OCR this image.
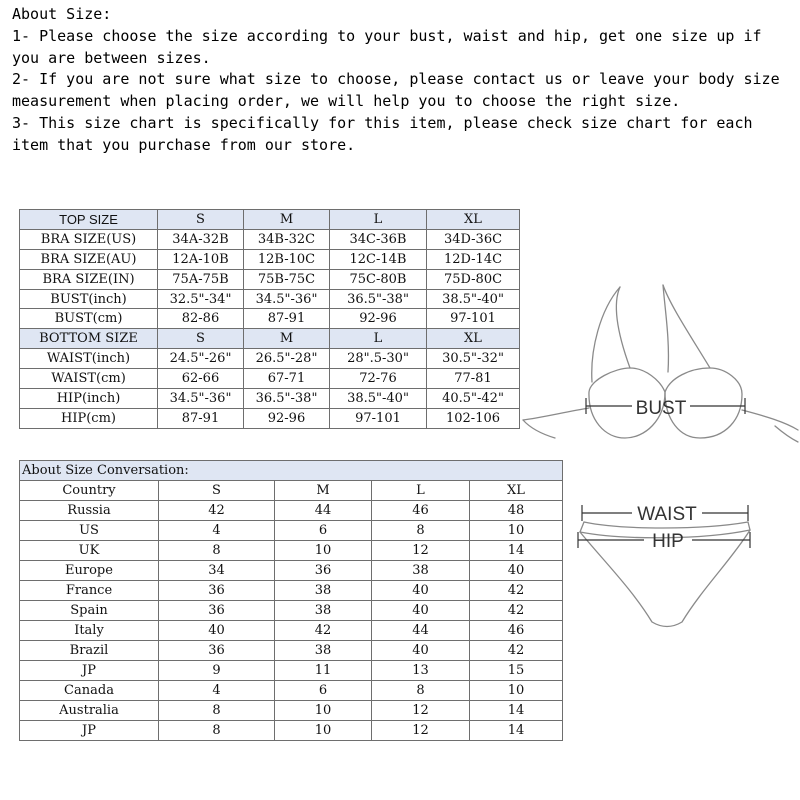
About Size:

1- Please choose the size according to your bust, waist and hip, get one size up if you are between sizes.

2- If you are not sure what size to choose, please contact us or leave your body size measurement when placing order, we will help you to choose the right size.

3- This size chart is specifically for this item, please check size chart for each item that you purchase from our store.

TOP SIZE	S	M	L	XL
BRA SIZE(US)	34A-32B	34B-32C	34C-36B	34D-36C
BRA SIZE(AU)	12A-10B	12B-10C	12C-14B	12D-14C
BRA SIZE(IN)	75A-75B	75B-75C	75C-80B	75D-80C
BUST(inch)	32.5"-34"	34.5"-36"	36.5"-38"	38.5"-40"
BUST(cm)	82-86	87-91	92-96	97-101
BOTTOM SIZE	S	M	L	XL
WAIST(inch)	24.5"-26"	26.5"-28"	28".5-30"	30.5"-32"
WAIST(cm)	62-66	67-71	72-76	77-81
HIP(inch)	34.5"-36"	36.5"-38"	38.5"-40"	40.5"-42"
HIP(cm)	87-91	92-96	97-101	102-106
About Size Conversation:				
Country	S	M	L	XL
Russia	42	44	46	48
US	4	6	8	10
UK	8	10	12	14
Europe	34	36	38	40
France	36	38	40	42
Spain	36	38	40	42
Italy	40	42	44	46
Brazil	36	38	40	42
JP	9	11	13	15
Canada	4	6	8	10
Australia	8	10	12	14
JP	8	10	12	14
BUST
WAIST
HIP
